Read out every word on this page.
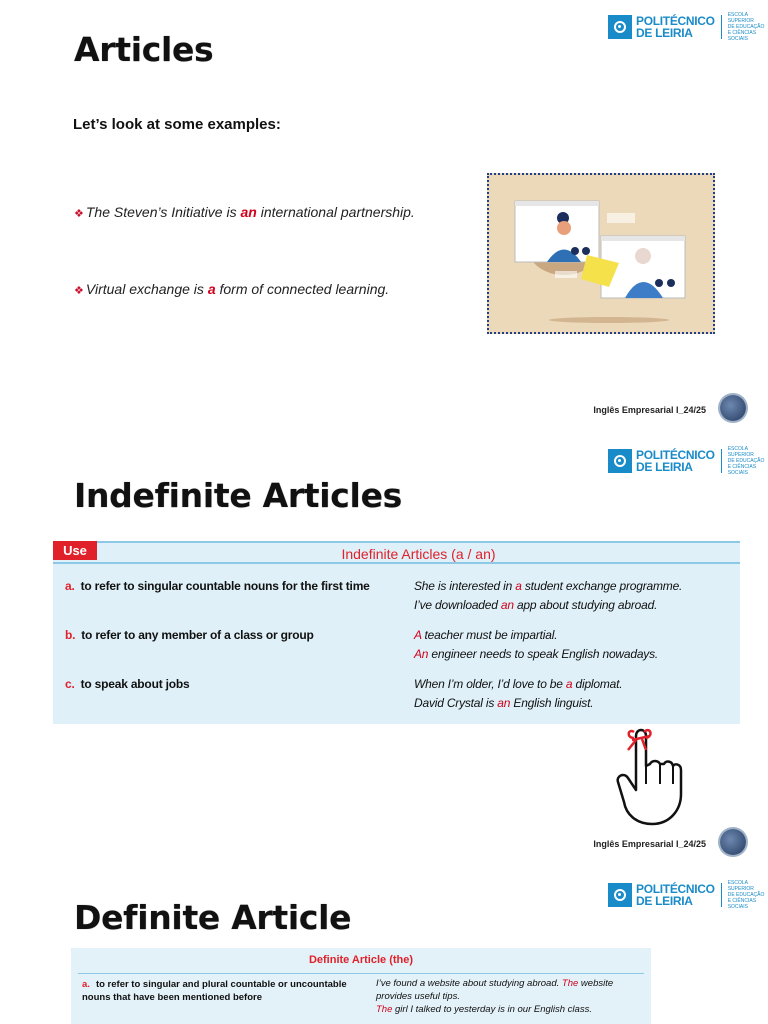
Articles
POLITÉCNICO
DE LEIRIA
ESCOLA SUPERIOR
DE EDUCAÇÃO
E CIÊNCIAS SOCIAIS
Let’s look at some examples:
❖ The Steven’s Initiative is an international partnership.
❖ Virtual exchange is a form of connected learning.
Inglês Empresarial I_24/25
POLITÉCNICO
DE LEIRIA
ESCOLA SUPERIOR
DE EDUCAÇÃO
E CIÊNCIAS SOCIAIS
Indefinite Articles
Use	Indefinite Articles (a / an)
a. to refer to singular countable nouns for the first time	She is interested in a student exchange programme.
I’ve downloaded an app about studying abroad.
b. to refer to any member of a class or group	A teacher must be impartial.
An engineer needs to speak English nowadays.
c. to speak about jobs	When I’m older, I’d love to be a diplomat.
David Crystal is an English linguist.
Inglês Empresarial I_24/25
POLITÉCNICO
DE LEIRIA
ESCOLA SUPERIOR
DE EDUCAÇÃO
E CIÊNCIAS SOCIAIS
Definite Article
Definite Article (the)
a. to refer to singular and plural countable or uncountable nouns that have been mentioned before
I’ve found a website about studying abroad. The website provides useful tips.
The girl I talked to yesterday is in our English class.
